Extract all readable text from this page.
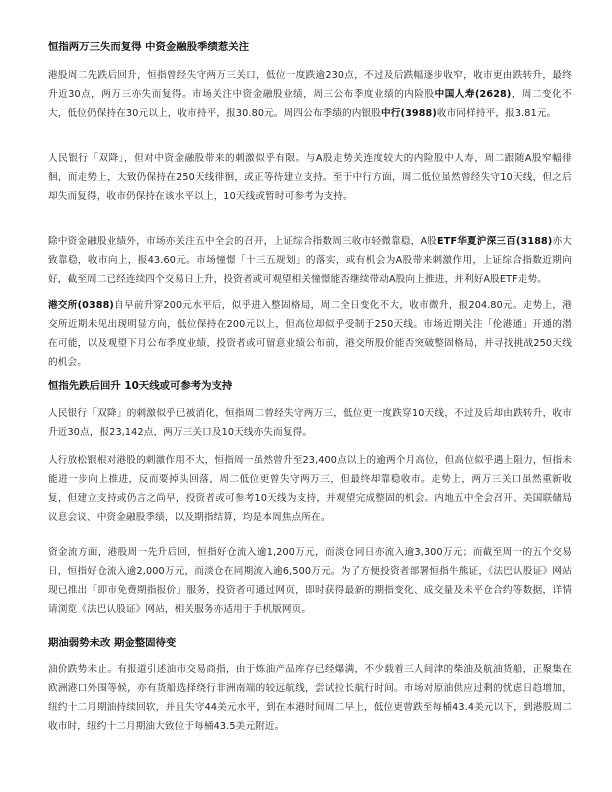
恒指两万三失而复得 中资金融股季绩惹关注

港股周二先跌后回升，恒指曾经失守两万三关口，低位一度跌逾230点，不过及后跌幅逐步收窄，收市更由跌转升，最终升近30点，两万三亦失而复得。市场关注中资金融股业绩，周三公布季度业绩的内险股中国人寿(2628)，周二变化不大，低位仍保持在30元以上，收市持平，报30.80元。周四公布季绩的内银股中行(3988)收市同样持平，报3.81元。

人民银行「双降」，但对中资金融股带来的刺激似乎有限。与A股走势关连度较大的内险股中人寿，周二跟随A股窄幅徘徊，而走势上，大致仍保持在250天线徘徊，或正等待建立支持。至于中行方面，周二低位虽然曾经失守10天线，但之后却失而复得，收市仍保持在该水平以上，10天线或暂时可参考为支持。

除中资金融股业绩外，市场亦关注五中全会的召开，上证综合指数周三收市轻微靠稳，A股ETF华夏沪深三百(3188)亦大致靠稳，收市向上，报43.60元。市场憧憬「十三五规划」的落实，或有机会为A股带来刺激作用，上证综合指数近期向好，截至周二已经连续四个交易日上升，投资者或可观望相关憧憬能否继续带动A股向上推进，并利好A股ETF走势。

港交所(0388)自早前升穿200元水平后，似乎进入整固格局，周二全日变化不大，收市微升，报204.80元。走势上，港交所近期未见出现明显方向，低位保持在200元以上，但高位却似乎受制于250天线。市场近期关注「伦港通」开通的潜在可能，以及观望下月公布季度业绩，投资者或可留意业绩公布前，港交所股价能否突破整固格局，并寻找挑战250天线的机会。

恒指先跌后回升 10天线或可参考为支持

人民银行「双降」的刺激似乎已被消化，恒指周二曾经失守两万三，低位更一度跌穿10天线，不过及后却由跌转升，收市升近30点，报23,142点，两万三关口及10天线亦失而复得。

人行放松银根对港股的刺激作用不大，恒指周一虽然曾升至23,400点以上的逾两个月高位，但高位似乎遇上阻力，恒指未能进一步向上推进，反而要掉头回落，周二低位更曾失守两万三，但最终却靠稳收市。走势上，两万三关口虽然重新收复，但建立支持或仍言之尚早，投资者或可参考10天线为支持，并观望完成整固的机会。内地五中全会召开、美国联储局议息会议、中资金融股季绩，以及期指结算，均是本周焦点所在。

资金流方面，港股周一先升后回，恒指好仓流入逾1,200万元，而淡仓同日亦流入逾3,300万元；而截至周一的五个交易日，恒指好仓流入逾2,000万元，而淡仓在同期流入逾6,500万元。为了方便投资者部署恒指牛熊证，《法巴认股证》网站现已推出「即市免费期指报价」服务，投资者可通过网页，即时获得最新的期指变化、成交量及未平仓合约等数据，详情请浏览《法巴认股证》网站，相关服务亦适用于手机版网页。

期油弱势未改 期金整固待变

油价跌势未止。有报道引述油市交易商指，由于炼油产品库存已经爆满，不少载着三人间津的柴油及航油货船，正聚集在欧洲港口外围等候，亦有货船选择绕行非洲南端的较远航线，尝试拉长航行时间。市场对原油供应过剩的忧虑日趋增加，纽约十二月期油持续回软，并且失守44美元水平，到在本港时间周二早上，低位更曾跌至每桶43.4美元以下，到港股周二收市时，纽约十二月期油大致位于每桶43.5美元附近。
